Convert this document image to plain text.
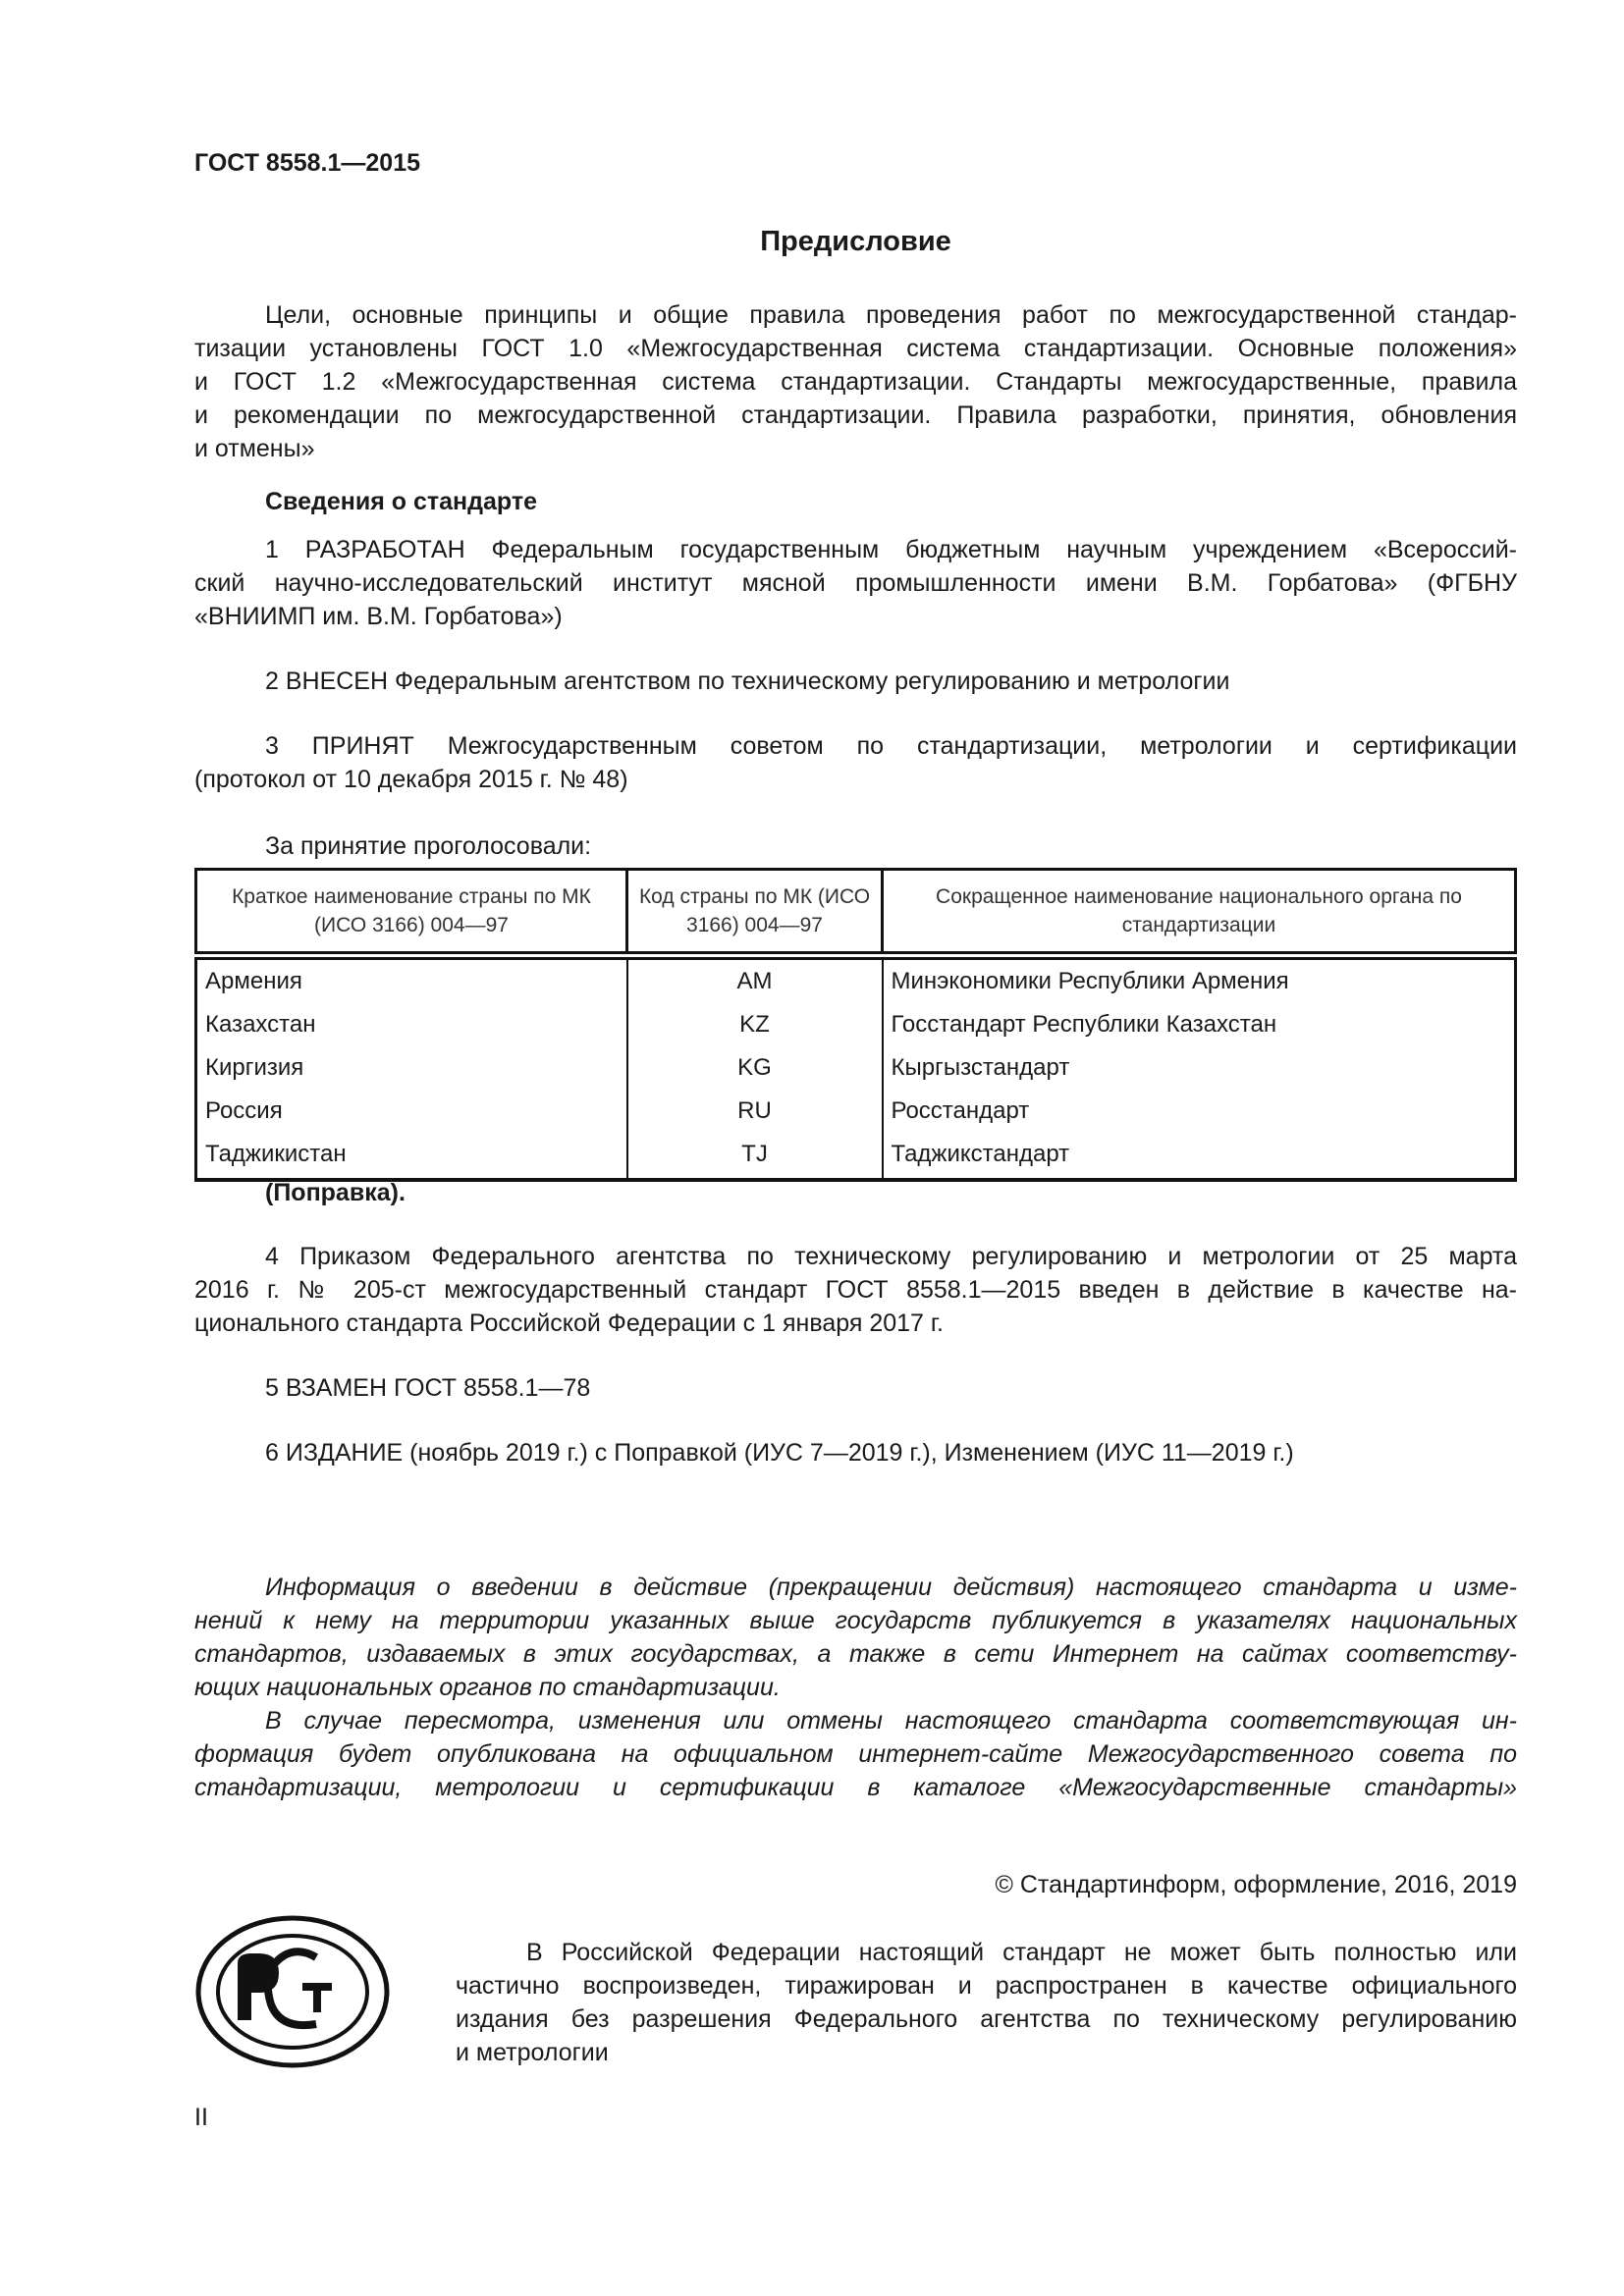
ГОСТ 8558.1—2015
Предисловие
Цели, основные принципы и общие правила проведения работ по межгосударственной стандар-
тизации установлены ГОСТ 1.0 «Межгосударственная система стандартизации. Основные положения»
и ГОСТ 1.2 «Межгосударственная система стандартизации. Стандарты межгосударственные, правила
и рекомендации по межгосударственной стандартизации. Правила разработки, принятия, обновления
и отмены»
Сведения о стандарте
1 РАЗРАБОТАН Федеральным государственным бюджетным научным учреждением «Всероссий-
ский научно-исследовательский институт мясной промышленности имени В.М. Горбатова» (ФГБНУ
«ВНИИМП им. В.М. Горбатова»)
2 ВНЕСЕН Федеральным агентством по техническому регулированию и метрологии
3 ПРИНЯТ Межгосударственным советом по стандартизации, метрологии и сертификации
(протокол от 10 декабря 2015 г. № 48)
За принятие проголосовали:
Краткое наименование страны по МК (ИСО 3166) 004—97	Код страны по МК (ИСО 3166) 004—97	Сокращенное наименование национального органа по стандартизации
Армения	AM	Минэкономики Республики Армения
Казахстан	KZ	Госстандарт Республики Казахстан
Киргизия	KG	Кыргызстандарт
Россия	RU	Росстандарт
Таджикистан	TJ	Таджикстандарт
(Поправка).
4 Приказом Федерального агентства по техническому регулированию и метрологии от 25 марта
2016 г. № 205-ст межгосударственный стандарт ГОСТ 8558.1—2015 введен в действие в качестве на-
ционального стандарта Российской Федерации с 1 января 2017 г.
5 ВЗАМЕН ГОСТ 8558.1—78
6 ИЗДАНИЕ (ноябрь 2019 г.) с Поправкой (ИУС 7—2019 г.), Изменением (ИУС 11—2019 г.)
Информация о введении в действие (прекращении действия) настоящего стандарта и изме-
нений к нему на территории указанных выше государств публикуется в указателях национальных
стандартов, издаваемых в этих государствах, а также в сети Интернет на сайтах соответству-
ющих национальных органов по стандартизации.
В случае пересмотра, изменения или отмены настоящего стандарта соответствующая ин-
формация будет опубликована на официальном интернет-сайте Межгосударственного совета по
стандартизации, метрологии и сертификации в каталоге «Межгосударственные стандарты»
© Стандартинформ, оформление, 2016, 2019
В Российской Федерации настоящий стандарт не может быть полностью или
частично воспроизведен, тиражирован и распространен в качестве официального
издания без разрешения Федерального агентства по техническому регулированию
и метрологии
II
